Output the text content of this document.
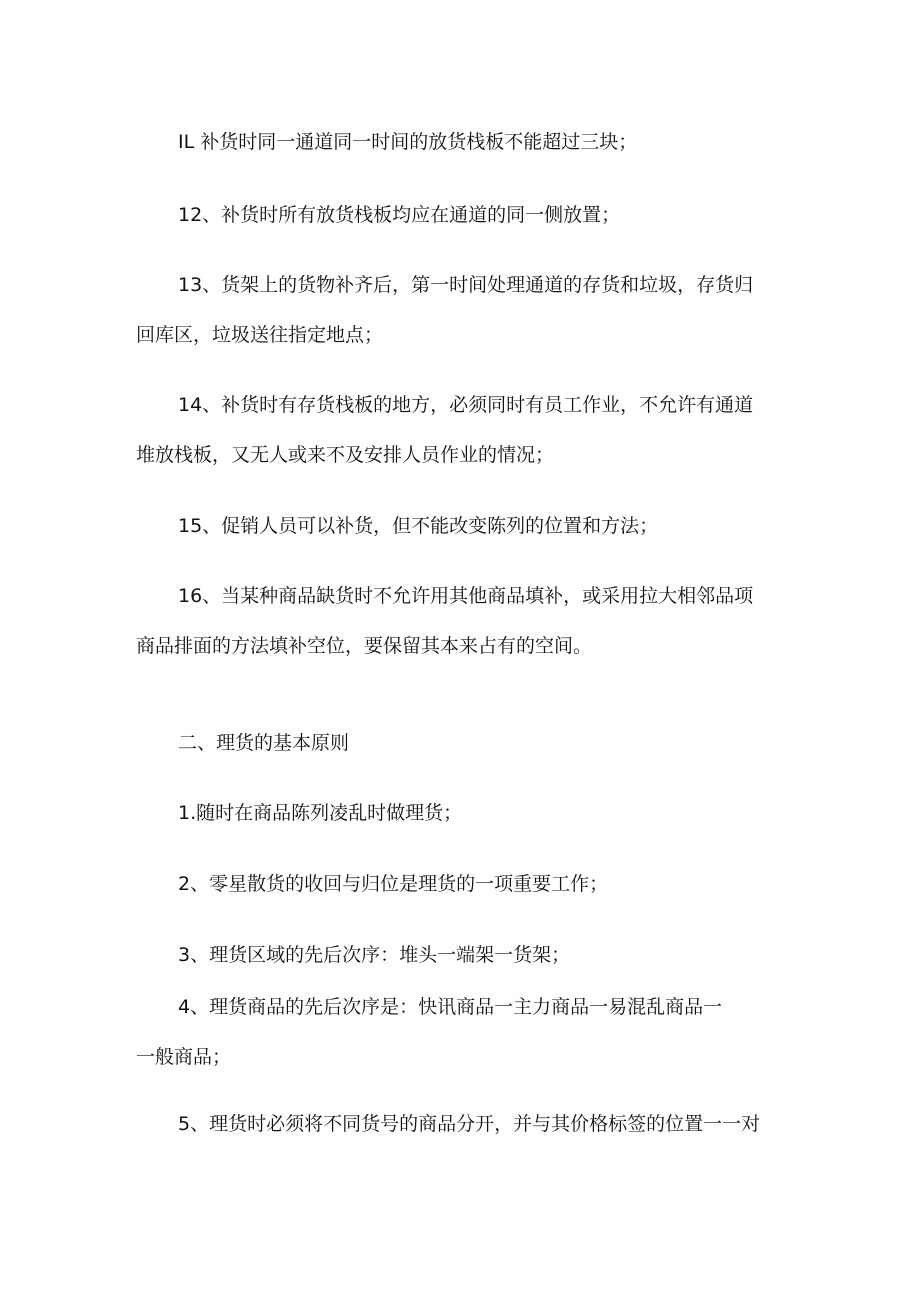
IL 补货时同一通道同一时间的放货栈板不能超过三块；

12、补货时所有放货栈板均应在通道的同一侧放置；

13、货架上的货物补齐后，第一时间处理通道的存货和垃圾，存货归
回库区，垃圾送往指定地点；

14、补货时有存货栈板的地方，必须同时有员工作业，不允许有通道
堆放栈板，又无人或来不及安排人员作业的情况；

15、促销人员可以补货，但不能改变陈列的位置和方法；

16、当某种商品缺货时不允许用其他商品填补，或采用拉大相邻品项
商品排面的方法填补空位，要保留其本来占有的空间。

二、理货的基本原则

1.随时在商品陈列凌乱时做理货；

2、零星散货的收回与归位是理货的一项重要工作；

3、理货区域的先后次序：堆头一端架一货架；

4、理货商品的先后次序是：快讯商品一主力商品一易混乱商品一
一般商品；

5、理货时必须将不同货号的商品分开，并与其价格标签的位置一一对
